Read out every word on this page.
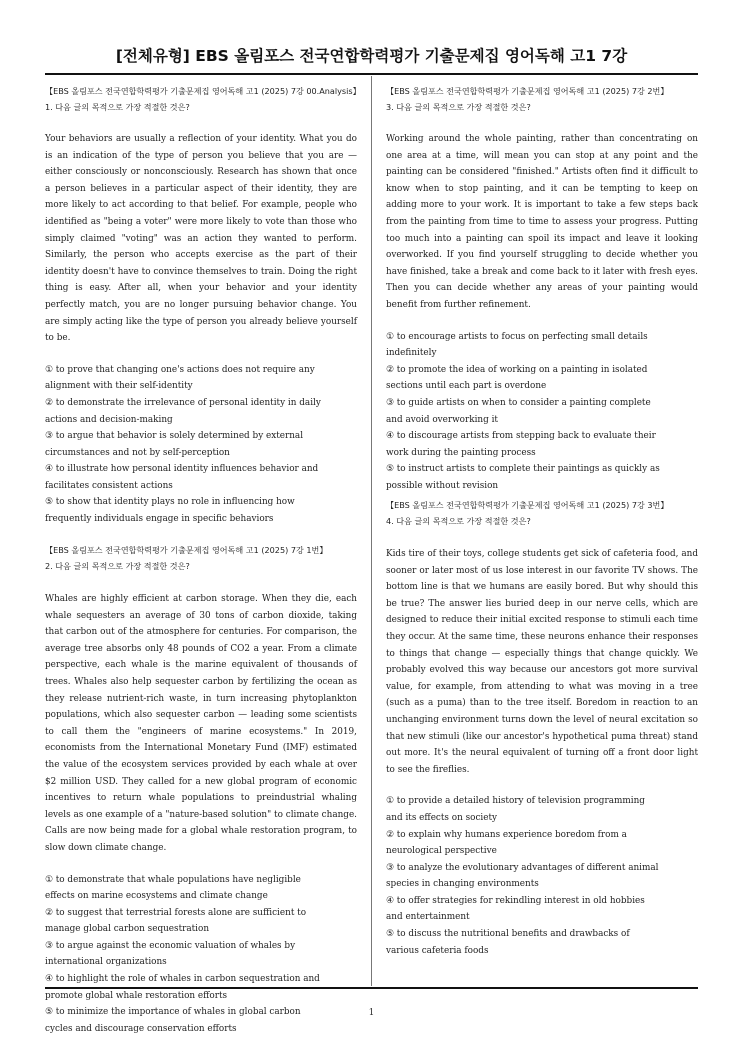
[전체유형] EBS 올림포스 전국연합학력평가 기출문제집 영어독해 고1 7강
【EBS 올림포스 전국연합학력평가 기출문제집 영어독해 고1 (2025) 7강 00.Analysis】
1. 다음 글의 목적으로 가장 적절한 것은?
Your behaviors are usually a reflection of your identity. What you do is an indication of the type of person you believe that you are — either consciously or nonconsciously. Research has shown that once a person believes in a particular aspect of their identity, they are more likely to act according to that belief. For example, people who identified as "being a voter" were more likely to vote than those who simply claimed "voting" was an action they wanted to perform. Similarly, the person who accepts exercise as the part of their identity doesn't have to convince themselves to train. Doing the right thing is easy. After all, when your behavior and your identity perfectly match, you are no longer pursuing behavior change. You are simply acting like the type of person you already believe yourself to be.
① to prove that changing one's actions does not require any alignment with their self-identity
② to demonstrate the irrelevance of personal identity in daily actions and decision-making
③ to argue that behavior is solely determined by external circumstances and not by self-perception
④ to illustrate how personal identity influences behavior and facilitates consistent actions
⑤ to show that identity plays no role in influencing how frequently individuals engage in specific behaviors
【EBS 올림포스 전국연합학력평가 기출문제집 영어독해 고1 (2025) 7강 1번】
2. 다음 글의 목적으로 가장 적절한 것은?
Whales are highly efficient at carbon storage. When they die, each whale sequesters an average of 30 tons of carbon dioxide, taking that carbon out of the atmosphere for centuries. For comparison, the average tree absorbs only 48 pounds of CO2 a year. From a climate perspective, each whale is the marine equivalent of thousands of trees. Whales also help sequester carbon by fertilizing the ocean as they release nutrient-rich waste, in turn increasing phytoplankton populations, which also sequester carbon — leading some scientists to call them the "engineers of marine ecosystems." In 2019, economists from the International Monetary Fund (IMF) estimated the value of the ecosystem services provided by each whale at over $2 million USD. They called for a new global program of economic incentives to return whale populations to preindustrial whaling levels as one example of a "nature-based solution" to climate change. Calls are now being made for a global whale restoration program, to slow down climate change.
① to demonstrate that whale populations have negligible effects on marine ecosystems and climate change
② to suggest that terrestrial forests alone are sufficient to manage global carbon sequestration
③ to argue against the economic valuation of whales by international organizations
④ to highlight the role of whales in carbon sequestration and promote global whale restoration efforts
⑤ to minimize the importance of whales in global carbon cycles and discourage conservation efforts
【EBS 올림포스 전국연합학력평가 기출문제집 영어독해 고1 (2025) 7강 2번】
3. 다음 글의 목적으로 가장 적절한 것은?
Working around the whole painting, rather than concentrating on one area at a time, will mean you can stop at any point and the painting can be considered "finished." Artists often find it difficult to know when to stop painting, and it can be tempting to keep on adding more to your work. It is important to take a few steps back from the painting from time to time to assess your progress. Putting too much into a painting can spoil its impact and leave it looking overworked. If you find yourself struggling to decide whether you have finished, take a break and come back to it later with fresh eyes. Then you can decide whether any areas of your painting would benefit from further refinement.
① to encourage artists to focus on perfecting small details indefinitely
② to promote the idea of working on a painting in isolated sections until each part is overdone
③ to guide artists on when to consider a painting complete and avoid overworking it
④ to discourage artists from stepping back to evaluate their work during the painting process
⑤ to instruct artists to complete their paintings as quickly as possible without revision
【EBS 올림포스 전국연합학력평가 기출문제집 영어독해 고1 (2025) 7강 3번】
4. 다음 글의 목적으로 가장 적절한 것은?
Kids tire of their toys, college students get sick of cafeteria food, and sooner or later most of us lose interest in our favorite TV shows. The bottom line is that we humans are easily bored. But why should this be true? The answer lies buried deep in our nerve cells, which are designed to reduce their initial excited response to stimuli each time they occur. At the same time, these neurons enhance their responses to things that change — especially things that change quickly. We probably evolved this way because our ancestors got more survival value, for example, from attending to what was moving in a tree (such as a puma) than to the tree itself. Boredom in reaction to an unchanging environment turns down the level of neural excitation so that new stimuli (like our ancestor's hypothetical puma threat) stand out more. It's the neural equivalent of turning off a front door light to see the fireflies.
① to provide a detailed history of television programming and its effects on society
② to explain why humans experience boredom from a neurological perspective
③ to analyze the evolutionary advantages of different animal species in changing environments
④ to offer strategies for rekindling interest in old hobbies and entertainment
⑤ to discuss the nutritional benefits and drawbacks of various cafeteria foods
1
